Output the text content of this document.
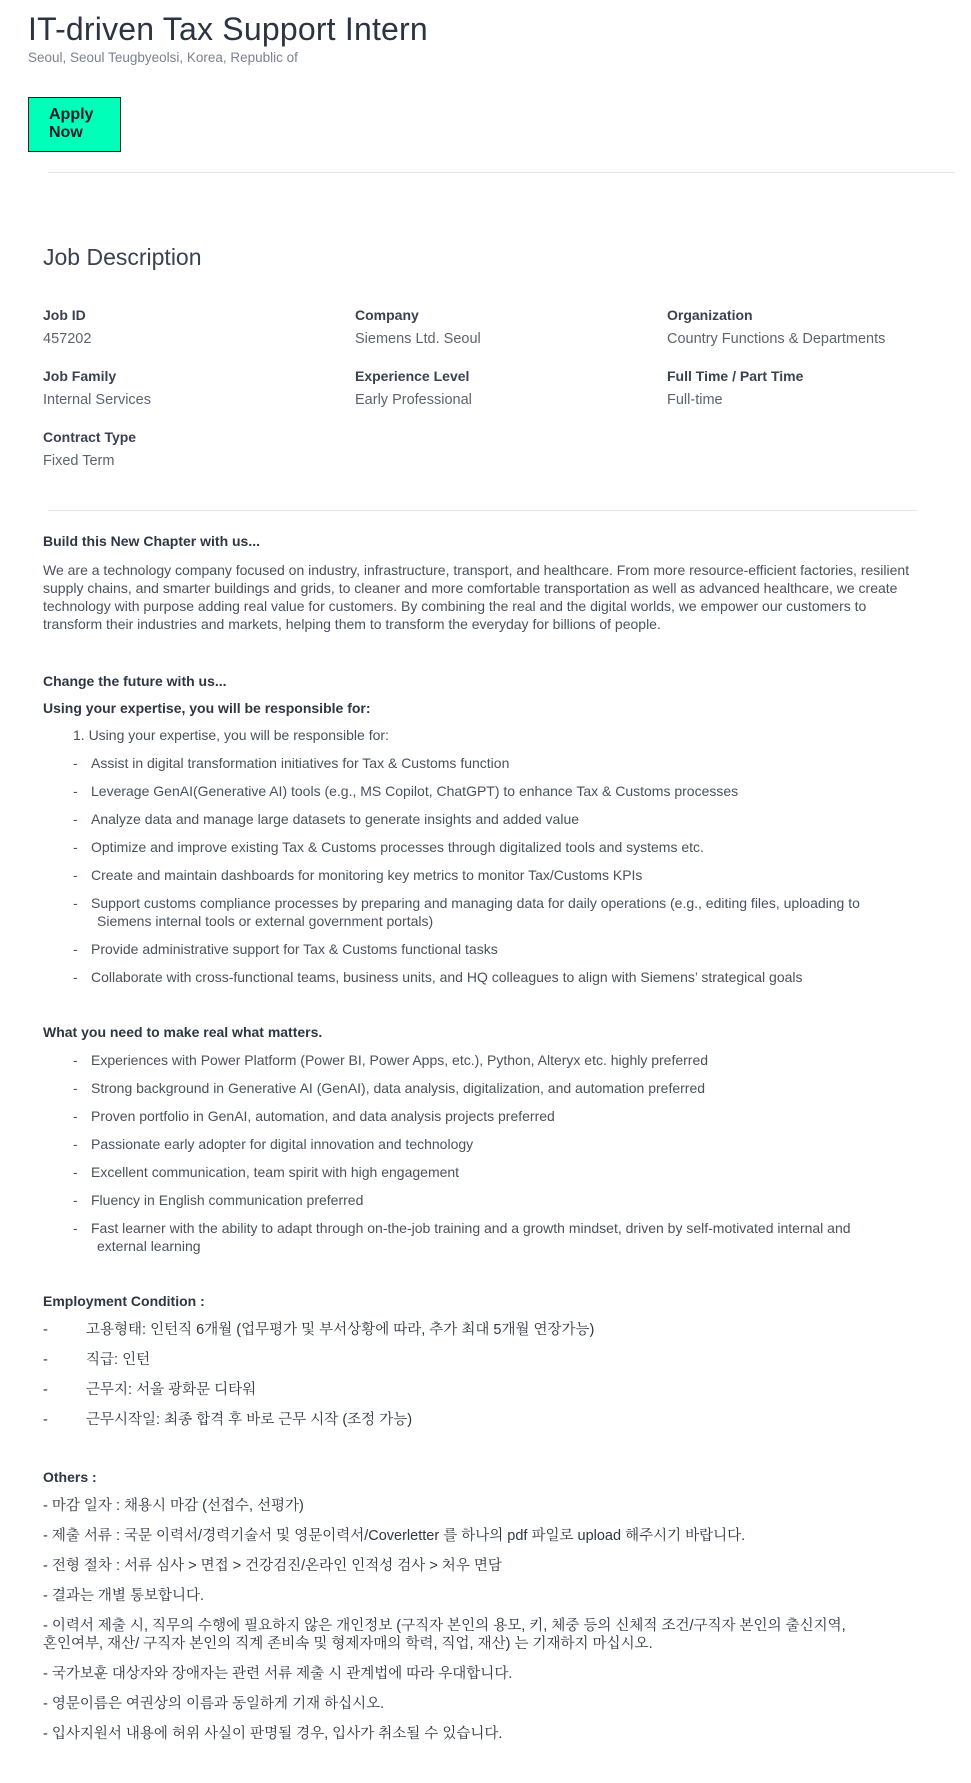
IT-driven Tax Support Intern
Seoul, Seoul Teugbyeolsi, Korea, Republic of
Apply Now
Job Description
Job ID
457202
Company
Siemens Ltd. Seoul
Organization
Country Functions & Departments
Job Family
Internal Services
Experience Level
Early Professional
Full Time / Part Time
Full-time
Contract Type
Fixed Term
Build this New Chapter with us...
We are a technology company focused on industry, infrastructure, transport, and healthcare. From more resource-efficient factories, resilient supply chains, and smarter buildings and grids, to cleaner and more comfortable transportation as well as advanced healthcare, we create technology with purpose adding real value for customers. By combining the real and the digital worlds, we empower our customers to transform their industries and markets, helping them to transform the everyday for billions of people.
Change the future with us...
Using your expertise, you will be responsible for:
1. Using your expertise, you will be responsible for:
- Assist in digital transformation initiatives for Tax & Customs function
- Leverage GenAI(Generative AI) tools (e.g., MS Copilot, ChatGPT) to enhance Tax & Customs processes
- Analyze data and manage large datasets to generate insights and added value
- Optimize and improve existing Tax & Customs processes through digitalized tools and systems etc.
- Create and maintain dashboards for monitoring key metrics to monitor Tax/Customs KPIs
- Support customs compliance processes by preparing and managing data for daily operations (e.g., editing files, uploading to
Siemens internal tools or external government portals)
- Provide administrative support for Tax & Customs functional tasks
- Collaborate with cross-functional teams, business units, and HQ colleagues to align with Siemens’ strategical goals
What you need to make real what matters.
- Experiences with Power Platform (Power BI, Power Apps, etc.), Python, Alteryx etc. highly preferred
- Strong background in Generative AI (GenAI), data analysis, digitalization, and automation preferred
- Proven portfolio in GenAI, automation, and data analysis projects preferred
- Passionate early adopter for digital innovation and technology
- Excellent communication, team spirit with high engagement
- Fluency in English communication preferred
- Fast learner with the ability to adapt through on-the-job training and a growth mindset, driven by self-motivated internal and
external learning
Employment Condition :
- 고용형태: 인턴직 6개월 (업무평가 및 부서상황에 따라, 추가 최대 5개월 연장가능)
- 직급: 인턴
- 근무지: 서울 광화문 디타워
- 근무시작일: 최종 합격 후 바로 근무 시작 (조정 가능)
Others :
- 마감 일자 : 채용시 마감 (선접수, 선평가)
- 제출 서류 : 국문 이력서/경력기술서 및 영문이력서/Coverletter 를 하나의 pdf 파일로 upload 해주시기 바랍니다.
- 전형 절차 : 서류 심사 > 면접 > 건강검진/온라인 인적성 검사 > 처우 면담
- 결과는 개별 통보합니다.
- 이력서 제출 시, 직무의 수행에 필요하지 않은 개인정보 (구직자 본인의 용모, 키, 체중 등의 신체적 조건/구직자 본인의 출신지역,
혼인여부, 재산/ 구직자 본인의 직계 존비속 및 형제자매의 학력, 직업, 재산) 는 기재하지 마십시오.
- 국가보훈 대상자와 장애자는 관련 서류 제출 시 관계법에 따라 우대합니다.
- 영문이름은 여권상의 이름과 동일하게 기재 하십시오.
- 입사지원서 내용에 허위 사실이 판명될 경우, 입사가 취소될 수 있습니다.
